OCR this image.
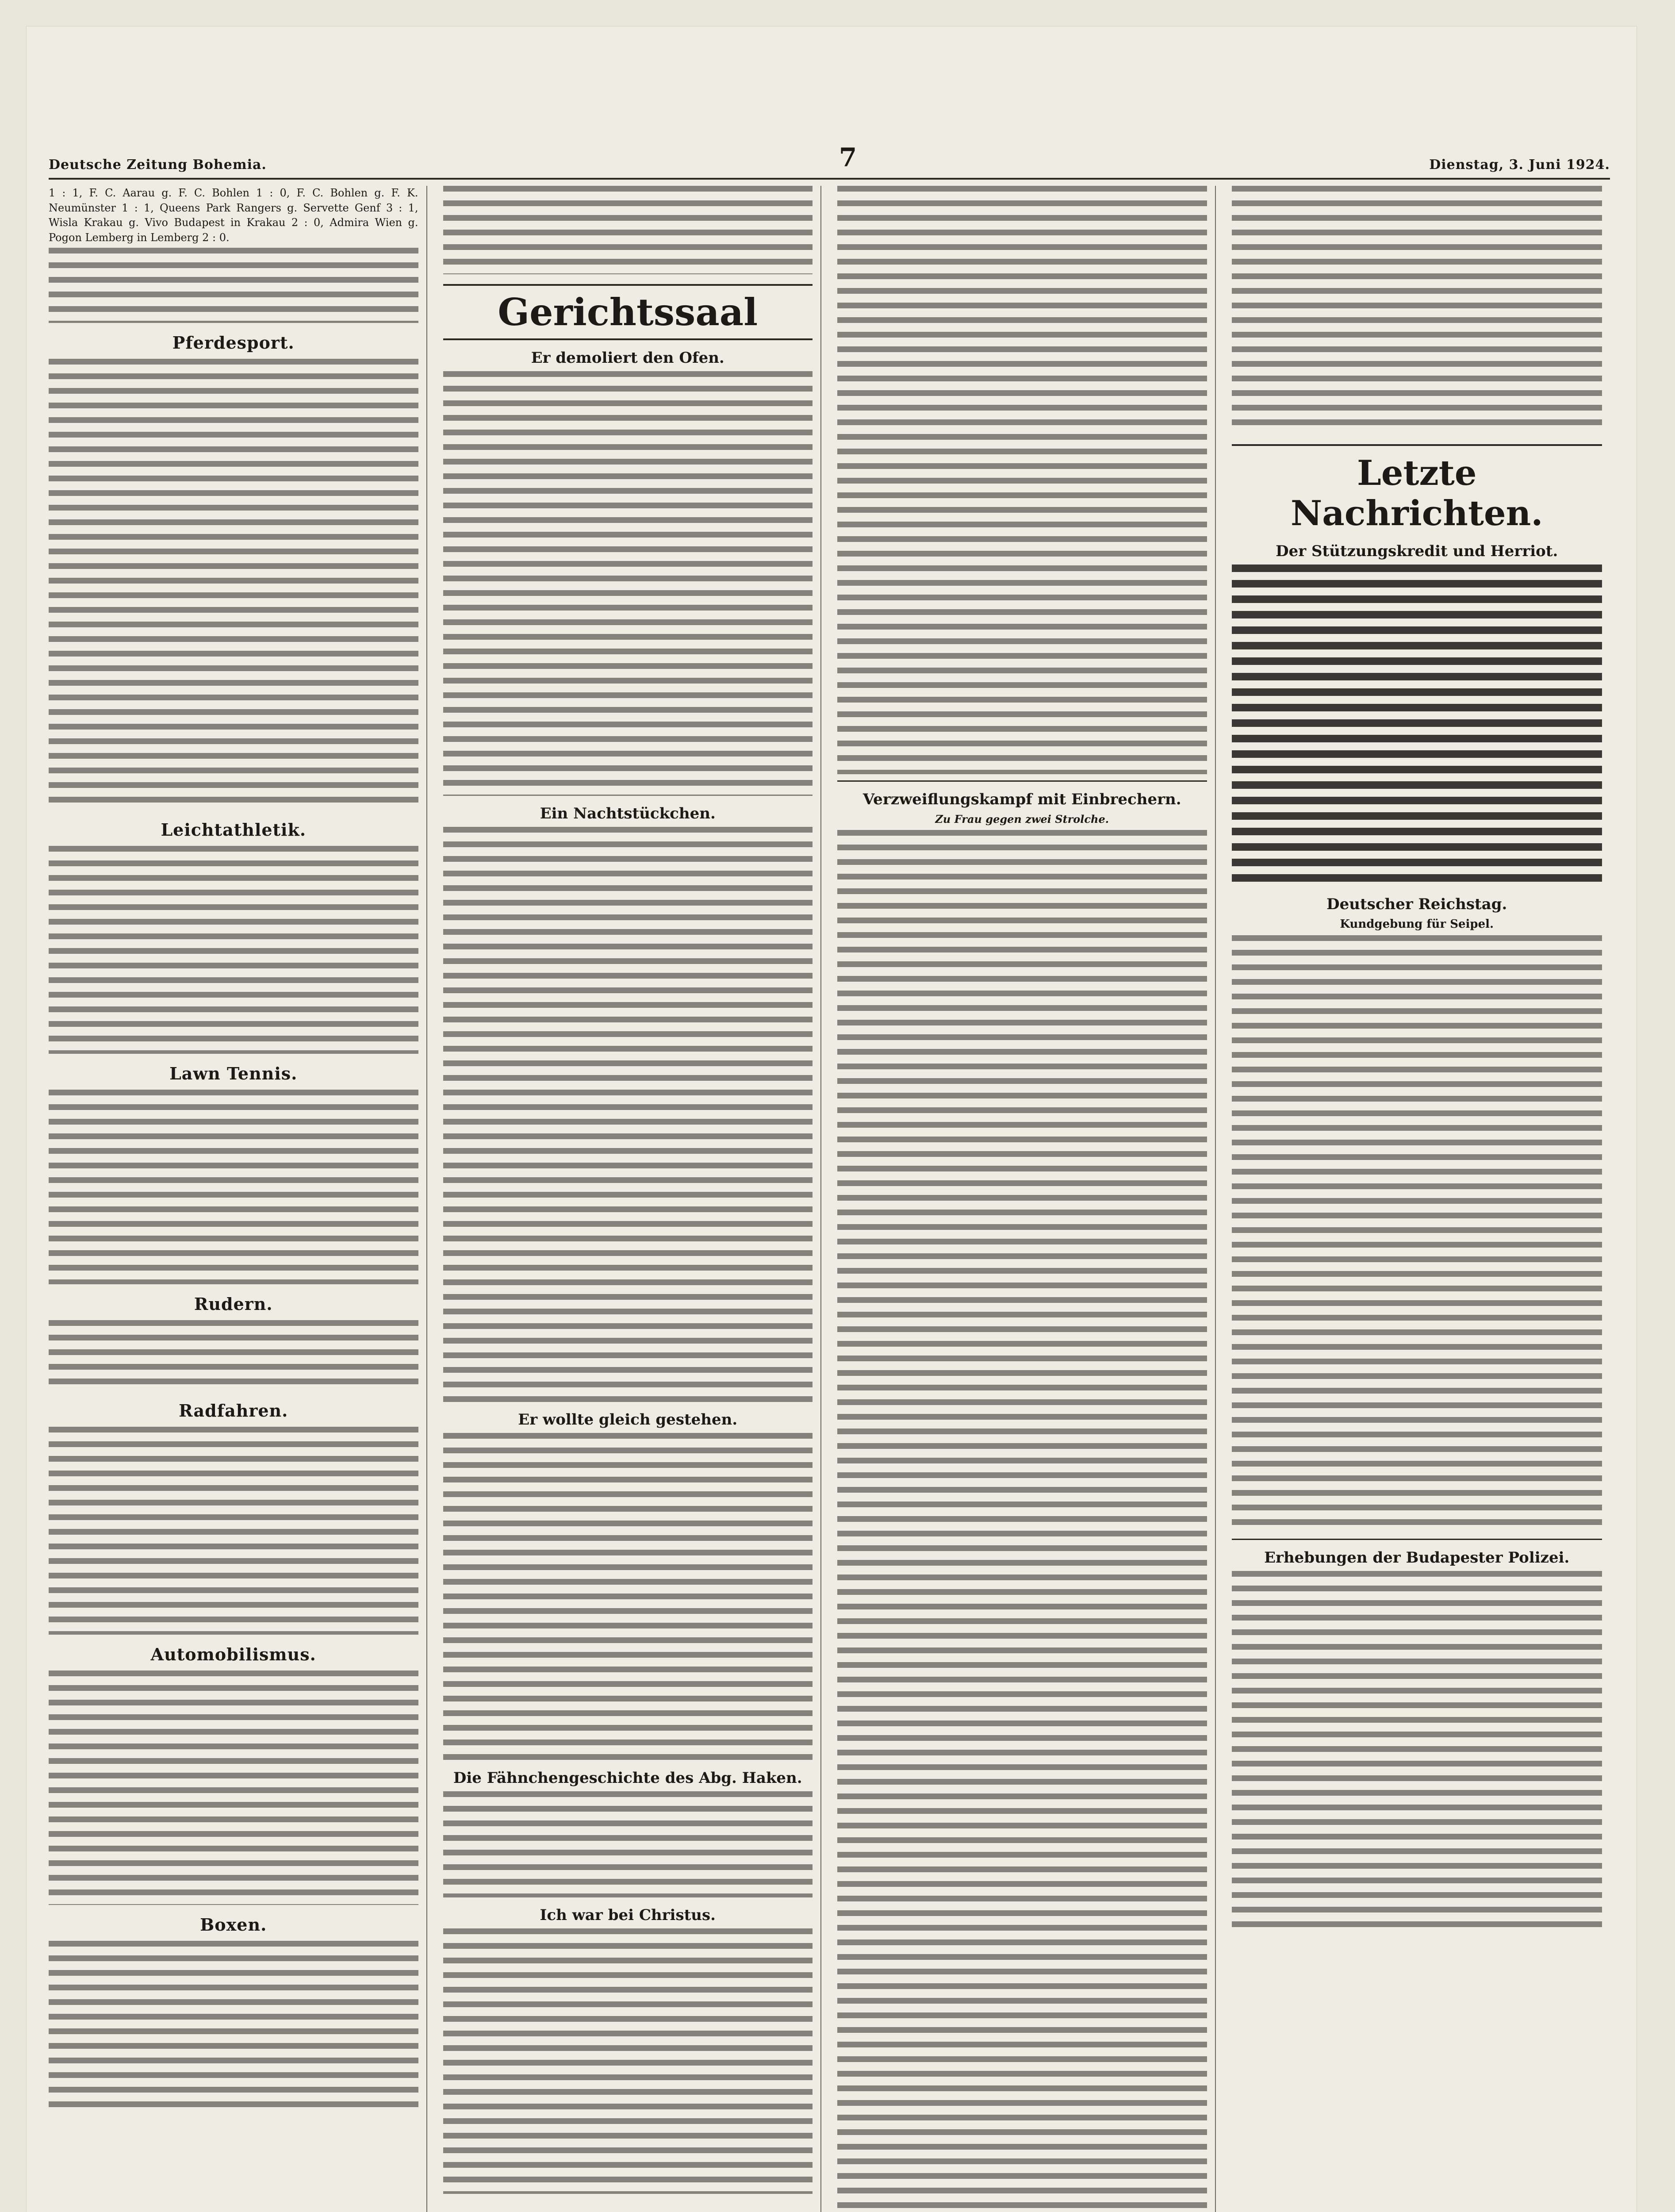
Deutsche Zeitung Bohemia.	7	Dienstag, 3. Juni 1924.

1 : 1, F. C. Aarau g. F. C. Bohlen 1 : 0, F. C. Bohlen g. F. K. Neumünster 1 : 1, Queens Park Rangers g. Servette Genf 3 : 1, Wisla Krakau g. Vivo Budapest in Krakau 2 : 0, Admira Wien g. Pogon Lemberg in Lemberg 2 : 0.

Pferdesport.
Leichtathletik.
Lawn Tennis.
Rudern.
Radfahren.
Automobilismus.
Boxen.
Gerichtssaal
Er demoliert den Ofen.
Ein Nachtstückchen.
Er wollte gleich gestehen.
Die Fähnchengeschichte des Abg. Haken.
Ich war bei Christus.
Verzweiflungskampf mit Einbrechern.
Zu Frau gegen zwei Strolche.
Letzte Nachrichten.
Der Stützungskredit und Herriot.
Deutscher Reichstag.
Kundgebung für Seipel.
Erhebungen der Budapester Polizei.
